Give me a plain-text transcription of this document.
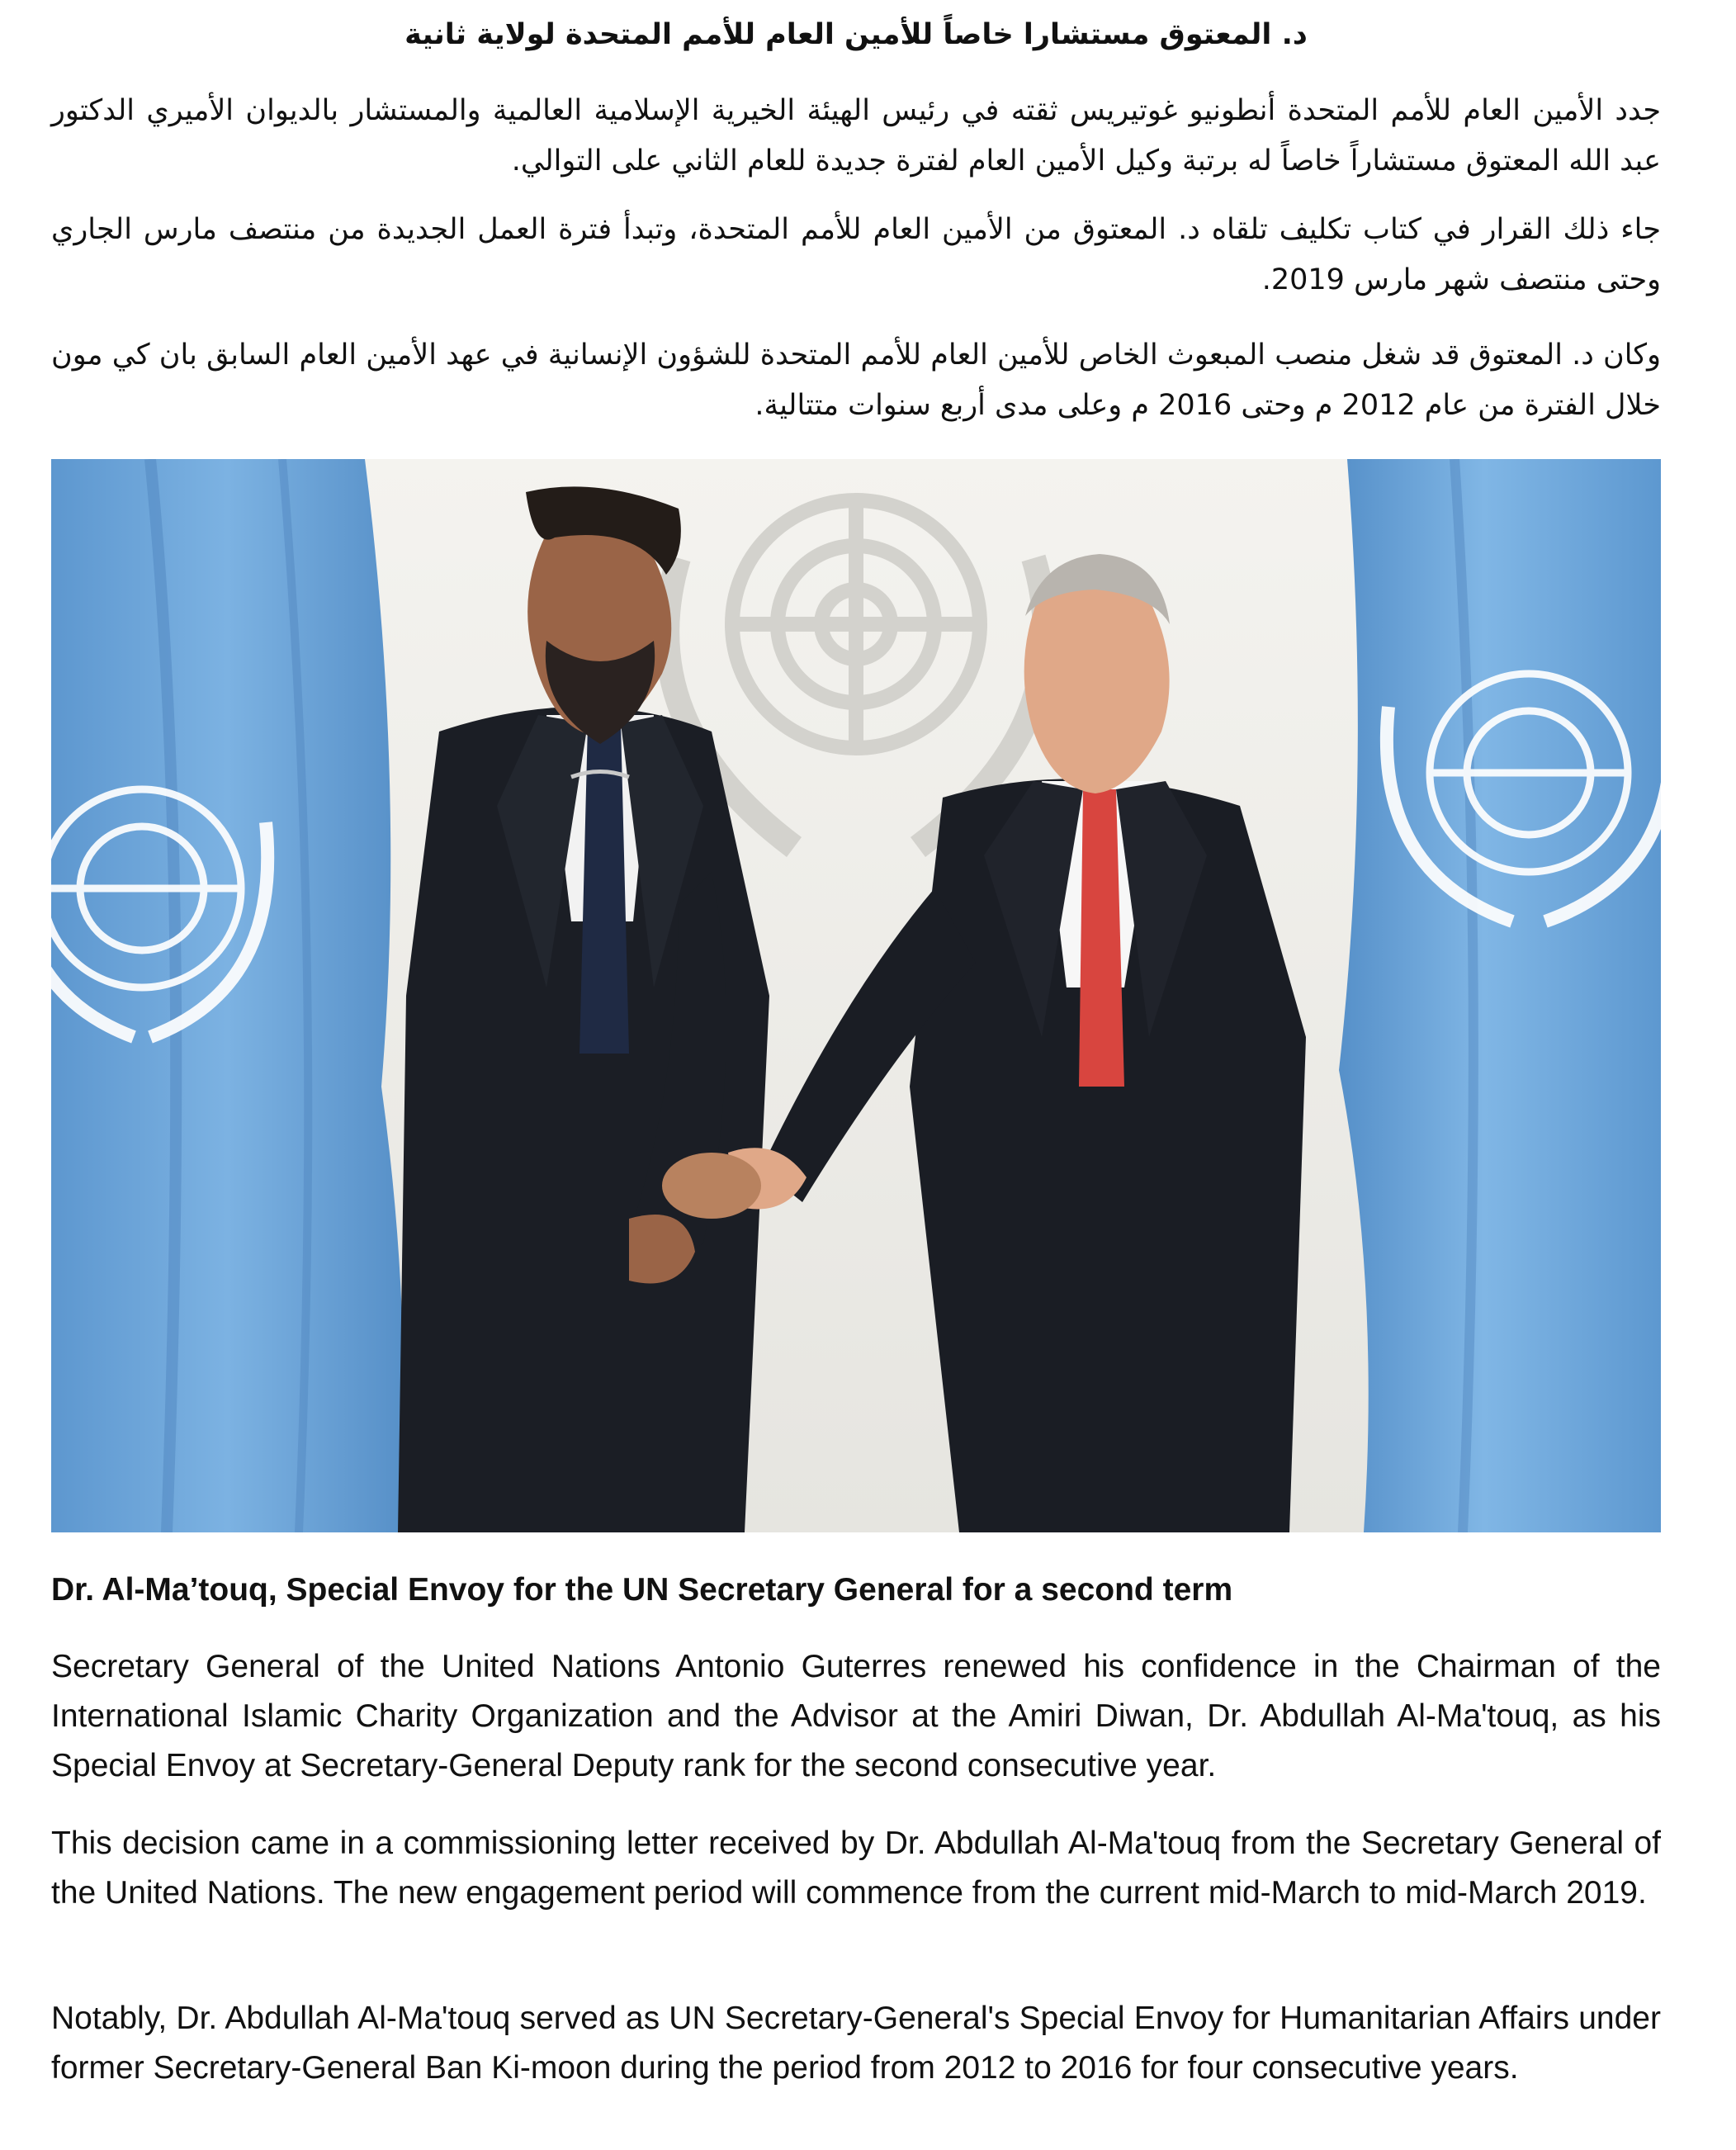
د. المعتوق مستشارا خاصاً للأمين العام للأمم المتحدة لولاية ثانية

جدد الأمين العام للأمم المتحدة أنطونيو غوتيريس ثقته في رئيس الهيئة الخيرية الإسلامية العالمية والمستشار بالديوان الأميري الدكتور عبد الله المعتوق مستشاراً خاصاً له برتبة وكيل الأمين العام لفترة جديدة للعام الثاني على التوالي.

جاء ذلك القرار في كتاب تكليف تلقاه د. المعتوق من الأمين العام للأمم المتحدة، وتبدأ فترة العمل الجديدة من منتصف مارس الجاري وحتى منتصف شهر مارس 2019.

وكان د. المعتوق قد شغل منصب المبعوث الخاص للأمين العام للأمم المتحدة للشؤون الإنسانية في عهد الأمين العام السابق بان كي مون خلال الفترة من عام 2012 م وحتى 2016 م وعلى مدى أربع سنوات متتالية.

Dr. Al-Ma’touq, Special Envoy for the UN Secretary General for a second term

Secretary General of the United Nations Antonio Guterres renewed his confidence in the Chairman of the International Islamic Charity Organization and the Advisor at the Amiri Diwan, Dr. Abdullah Al-Ma'touq, as his Special Envoy at Secretary-General Deputy rank for the second consecutive year.

This decision came in a commissioning letter received by Dr. Abdullah Al-Ma'touq from the Secretary General of the United Nations. The new engagement period will commence from the current mid-March to mid-March 2019.

Notably, Dr. Abdullah Al-Ma'touq served as UN Secretary-General's Special Envoy for Humanitarian Affairs under former Secretary-General Ban Ki-moon during the period from 2012 to 2016 for four consecutive years.
